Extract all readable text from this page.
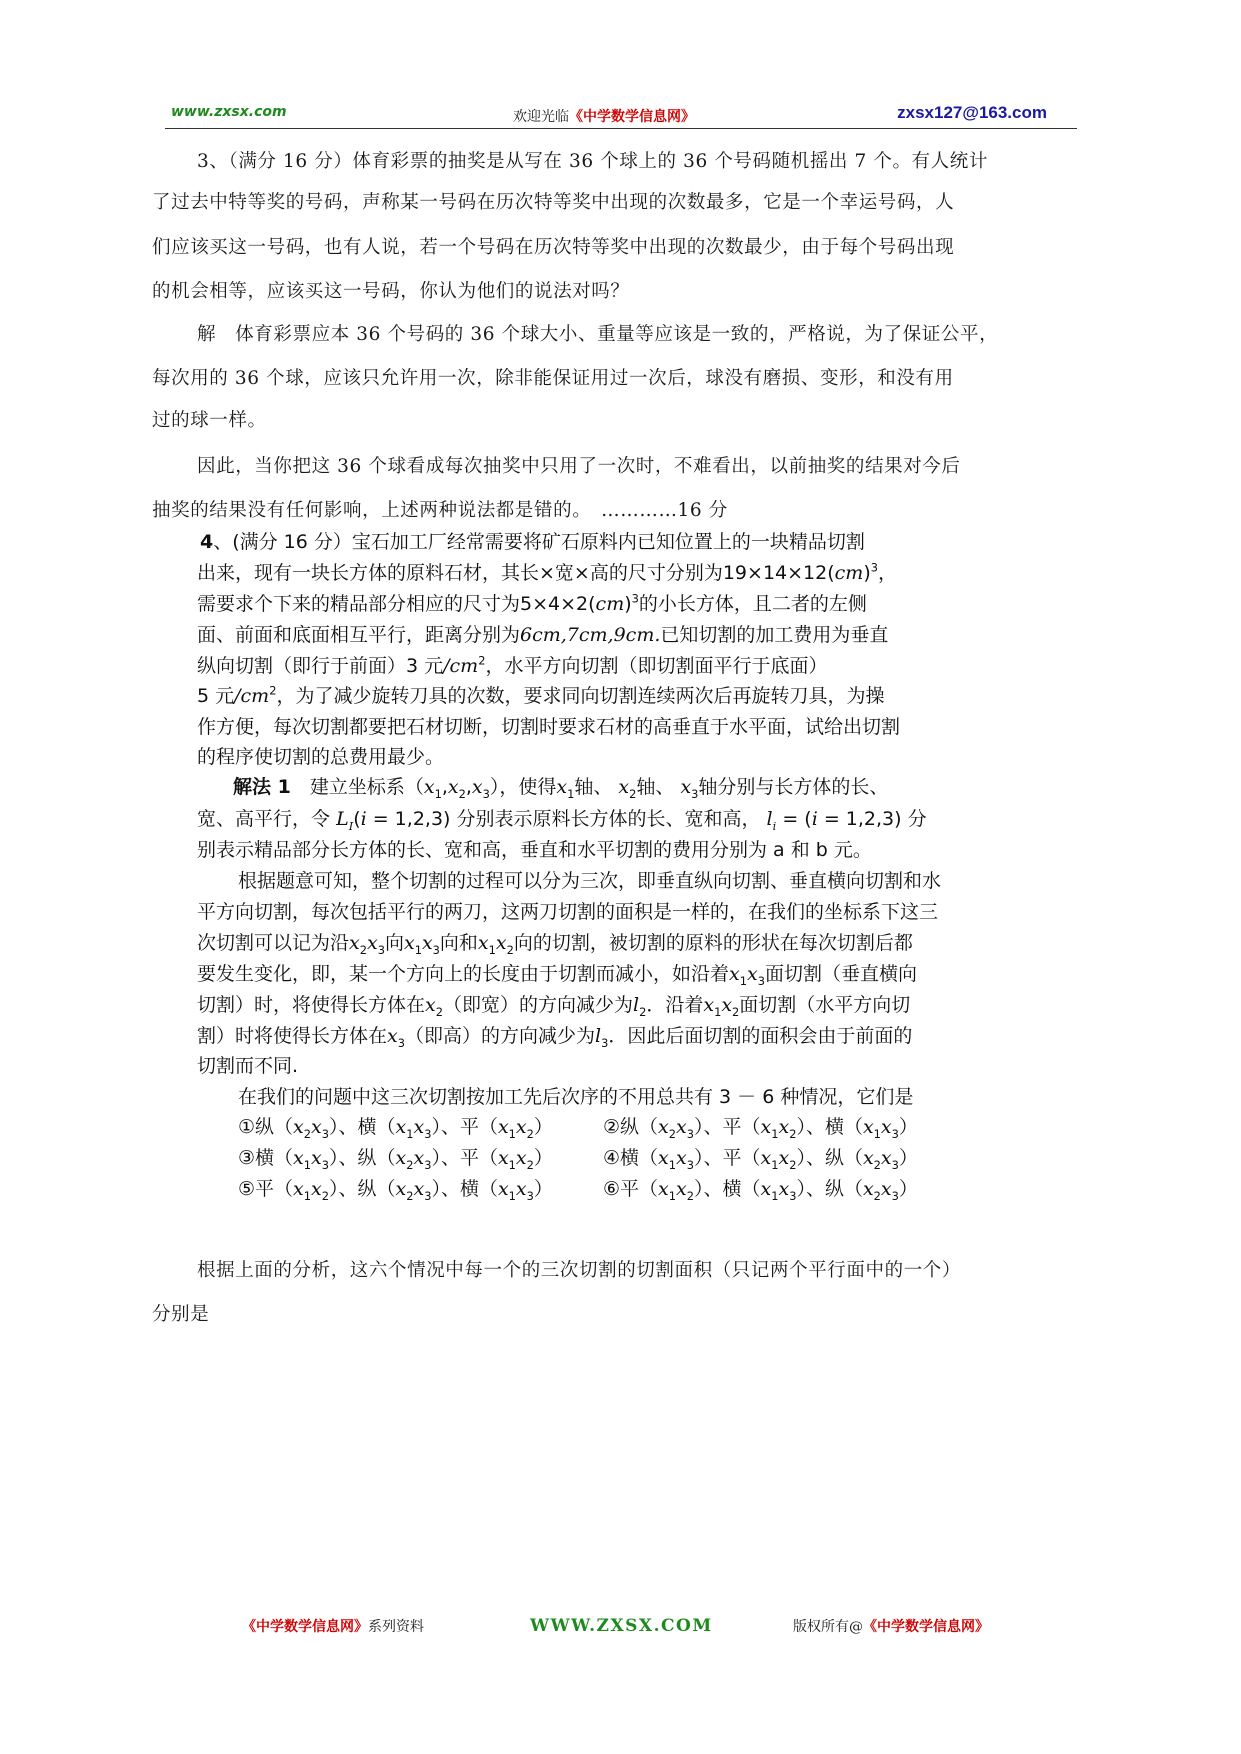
www.zxsx.com	欢迎光临《中学数学信息网》	zxsx127@163.com

3、（满分 16 分）体育彩票的抽奖是从写在 36 个球上的 36 个号码随机摇出 7 个。有人统计

了过去中特等奖的号码，声称某一号码在历次特等奖中出现的次数最多，它是一个幸运号码，人

们应该买这一号码，也有人说，若一个号码在历次特等奖中出现的次数最少，由于每个号码出现

的机会相等，应该买这一号码，你认为他们的说法对吗？

解　体育彩票应本 36 个号码的 36 个球大小、重量等应该是一致的，严格说，为了保证公平，

每次用的 36 个球，应该只允许用一次，除非能保证用过一次后，球没有磨损、变形，和没有用

过的球一样。

因此，当你把这 36 个球看成每次抽奖中只用了一次时，不难看出，以前抽奖的结果对今后

抽奖的结果没有任何影响，上述两种说法都是错的。　…………16 分

4、(满分 16 分）宝石加工厂经常需要将矿石原料内已知位置上的一块精品切割

出来，现有一块长方体的原料石材，其长×宽×高的尺寸分别为19×14×12(cm)$^3$，

需要求个下来的精品部分相应的尺寸为5×4×2(cm)$^3$的小长方体，且二者的左侧

面、前面和底面相互平行，距离分别为6cm,7cm,9cm.已知切割的加工费用为垂直

纵向切割（即行于前面）3 元$/cm^2$，水平方向切割（即切割面平行于底面）

5 元$/cm^2$，为了减少旋转刀具的次数，要求同向切割连续两次后再旋转刀具，为操

作方便，每次切割都要把石材切断，切割时要求石材的高垂直于水平面，试给出切割

的程序使切割的总费用最少。

解法 1　建立坐标系$(x_1,x_2,x_3)$，使得$x_1$轴、 $x_2$轴、 $x_3$轴分别与长方体的长、

宽、高平行，令 $L_I(i = 1,2,3)$ 分别表示原料长方体的长、宽和高， $l_i = (i = 1,2,3)$ 分

别表示精品部分长方体的长、宽和高，垂直和水平切割的费用分别为 a 和 b 元。

根据题意可知，整个切割的过程可以分为三次，即垂直纵向切割、垂直横向切割和水

平方向切割，每次包括平行的两刀，这两刀切割的面积是一样的，在我们的坐标系下这三

次切割可以记为沿$x_2x_3$向$x_1x_3$向和$x_1x_2$向的切割，被切割的原料的形状在每次切割后都

要发生变化，即，某一个方向上的长度由于切割而减小，如沿着$x_1x_3$面切割（垂直横向

切割）时，将使得长方体在$x_2$（即宽）的方向减少为$l_2$．沿着$x_1x_2$面切割（水平方向切

割）时将使得长方体在$x_3$（即高）的方向减少为$l_3$．因此后面切割的面积会由于前面的

切割而不同.

在我们的问题中这三次切割按加工先后次序的不用总共有 3 － 6 种情况，它们是

①纵$(x_2x_3)$、横$(x_1x_3)$、平$(x_1x_2)$	②纵$(x_2x_3)$、平$(x_1x_2)$、横$(x_1x_3)$

③横$(x_1x_3)$、纵$(x_2x_3)$、平$(x_1x_2)$	④横$(x_1x_3)$、平$(x_1x_2)$、纵$(x_2x_3)$

⑤平$(x_1x_2)$、纵$(x_2x_3)$、横$(x_1x_3)$	⑥平$(x_1x_2)$、横$(x_1x_3)$、纵$(x_2x_3)$

根据上面的分析，这六个情况中每一个的三次切割的切割面积（只记两个平行面中的一个）

分别是

《中学数学信息网》系列资料	WWW.ZXSX.COM	版权所有@《中学数学信息网》
